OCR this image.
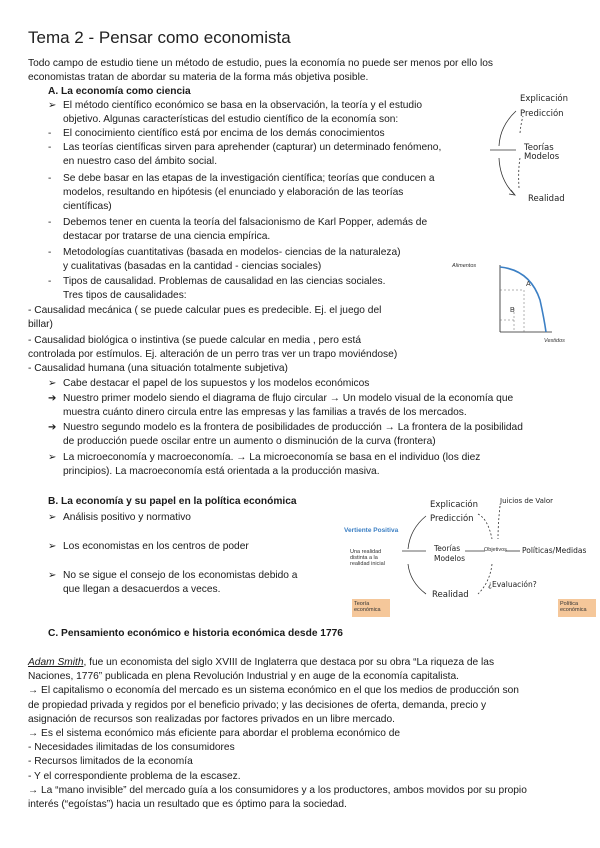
Tema 2 - Pensar como economista
Todo campo de estudio tiene un método de estudio, pues la economía no puede ser menos por ello los
economistas tratan de abordar su materia de la forma más objetiva posible.
A. La economía como ciencia
➢ El método científico económico se basa en la observación, la teoría y el estudio
objetivo. Algunas características del estudio científico de la economía son:
- El conocimiento científico está por encima de los demás conocimientos
- Las teorías científicas sirven para aprehender (capturar) un determinado fenómeno,
en nuestro caso del ámbito social.
- Se debe basar en las etapas de la investigación científica; teorías que conducen a
modelos, resultando en hipótesis (el enunciado y elaboración de las teorías
científicas)
- Debemos tener en cuenta la teoría del falsacionismo de Karl Popper, además de
destacar por tratarse de una ciencia empírica.
- Metodologías cuantitativas (basada en modelos- ciencias de la naturaleza)
y cualitativas (basadas en la cantidad - ciencias sociales)
- Tipos de causalidad. Problemas de causalidad en las ciencias sociales.
Tres tipos de causalidades:
- Causalidad mecánica ( se puede calcular pues es predecible. Ej. el juego del
billar)
- Causalidad biológica o instintiva (se puede calcular en media , pero está
controlada por estímulos. Ej. alteración de un perro tras ver un trapo moviéndose)
- Causalidad humana (una situación totalmente subjetiva)
➢ Cabe destacar el papel de los supuestos y los modelos económicos
➔ Nuestro primer modelo siendo el diagrama de flujo circular → Un modelo visual de la economía que
muestra cuánto dinero circula entre las empresas y las familias a través de los mercados.
➔ Nuestro segundo modelo es la frontera de posibilidades de producción → La frontera de la posibilidad
de producción puede oscilar entre un aumento o disminución de la curva (frontera)
➢ La microeconomía y macroeconomía. → La microeconomía se basa en el individuo (los diez
principios). La macroeconomía está orientada a la producción masiva.
Explicación
Predicción
Teorías
Modelos
Realidad
Alimentos
Vestidos
A
B
B. La economía y su papel en la política económica
➢ Análisis positivo y normativo
➢ Los economistas en los centros de poder
➢ No se sigue el consejo de los economistas debido a
que llegan a desacuerdos a veces.
Explicación
Predicción
Juicios de Valor
Vertiente Positiva
Una realidad
distinta a la
realidad inicial
Teorías
Modelos
Objetivos Políticas/Medidas
Realidad
¿Evaluación?
Teoría
económica
Política
económica
C. Pensamiento económico e historia económica desde 1776
Adam Smith, fue un economista del siglo XVIII de Inglaterra que destaca por su obra “La riqueza de las
Naciones, 1776” publicada en plena Revolución Industrial y en auge de la economía capitalista.
→ El capitalismo o economía del mercado es un sistema económico en el que los medios de producción son
de propiedad privada y regidos por el beneficio privado; y las decisiones de oferta, demanda, precio y
asignación de recursos son realizadas por factores privados en un libre mercado.
→ Es el sistema económico más eficiente para abordar el problema económico de
- Necesidades ilimitadas de los consumidores
- Recursos limitados de la economía
- Y el correspondiente problema de la escasez.
→ La “mano invisible” del mercado guía a los consumidores y a los productores, ambos movidos por su propio
interés (“egoístas”) hacia un resultado que es óptimo para la sociedad.
